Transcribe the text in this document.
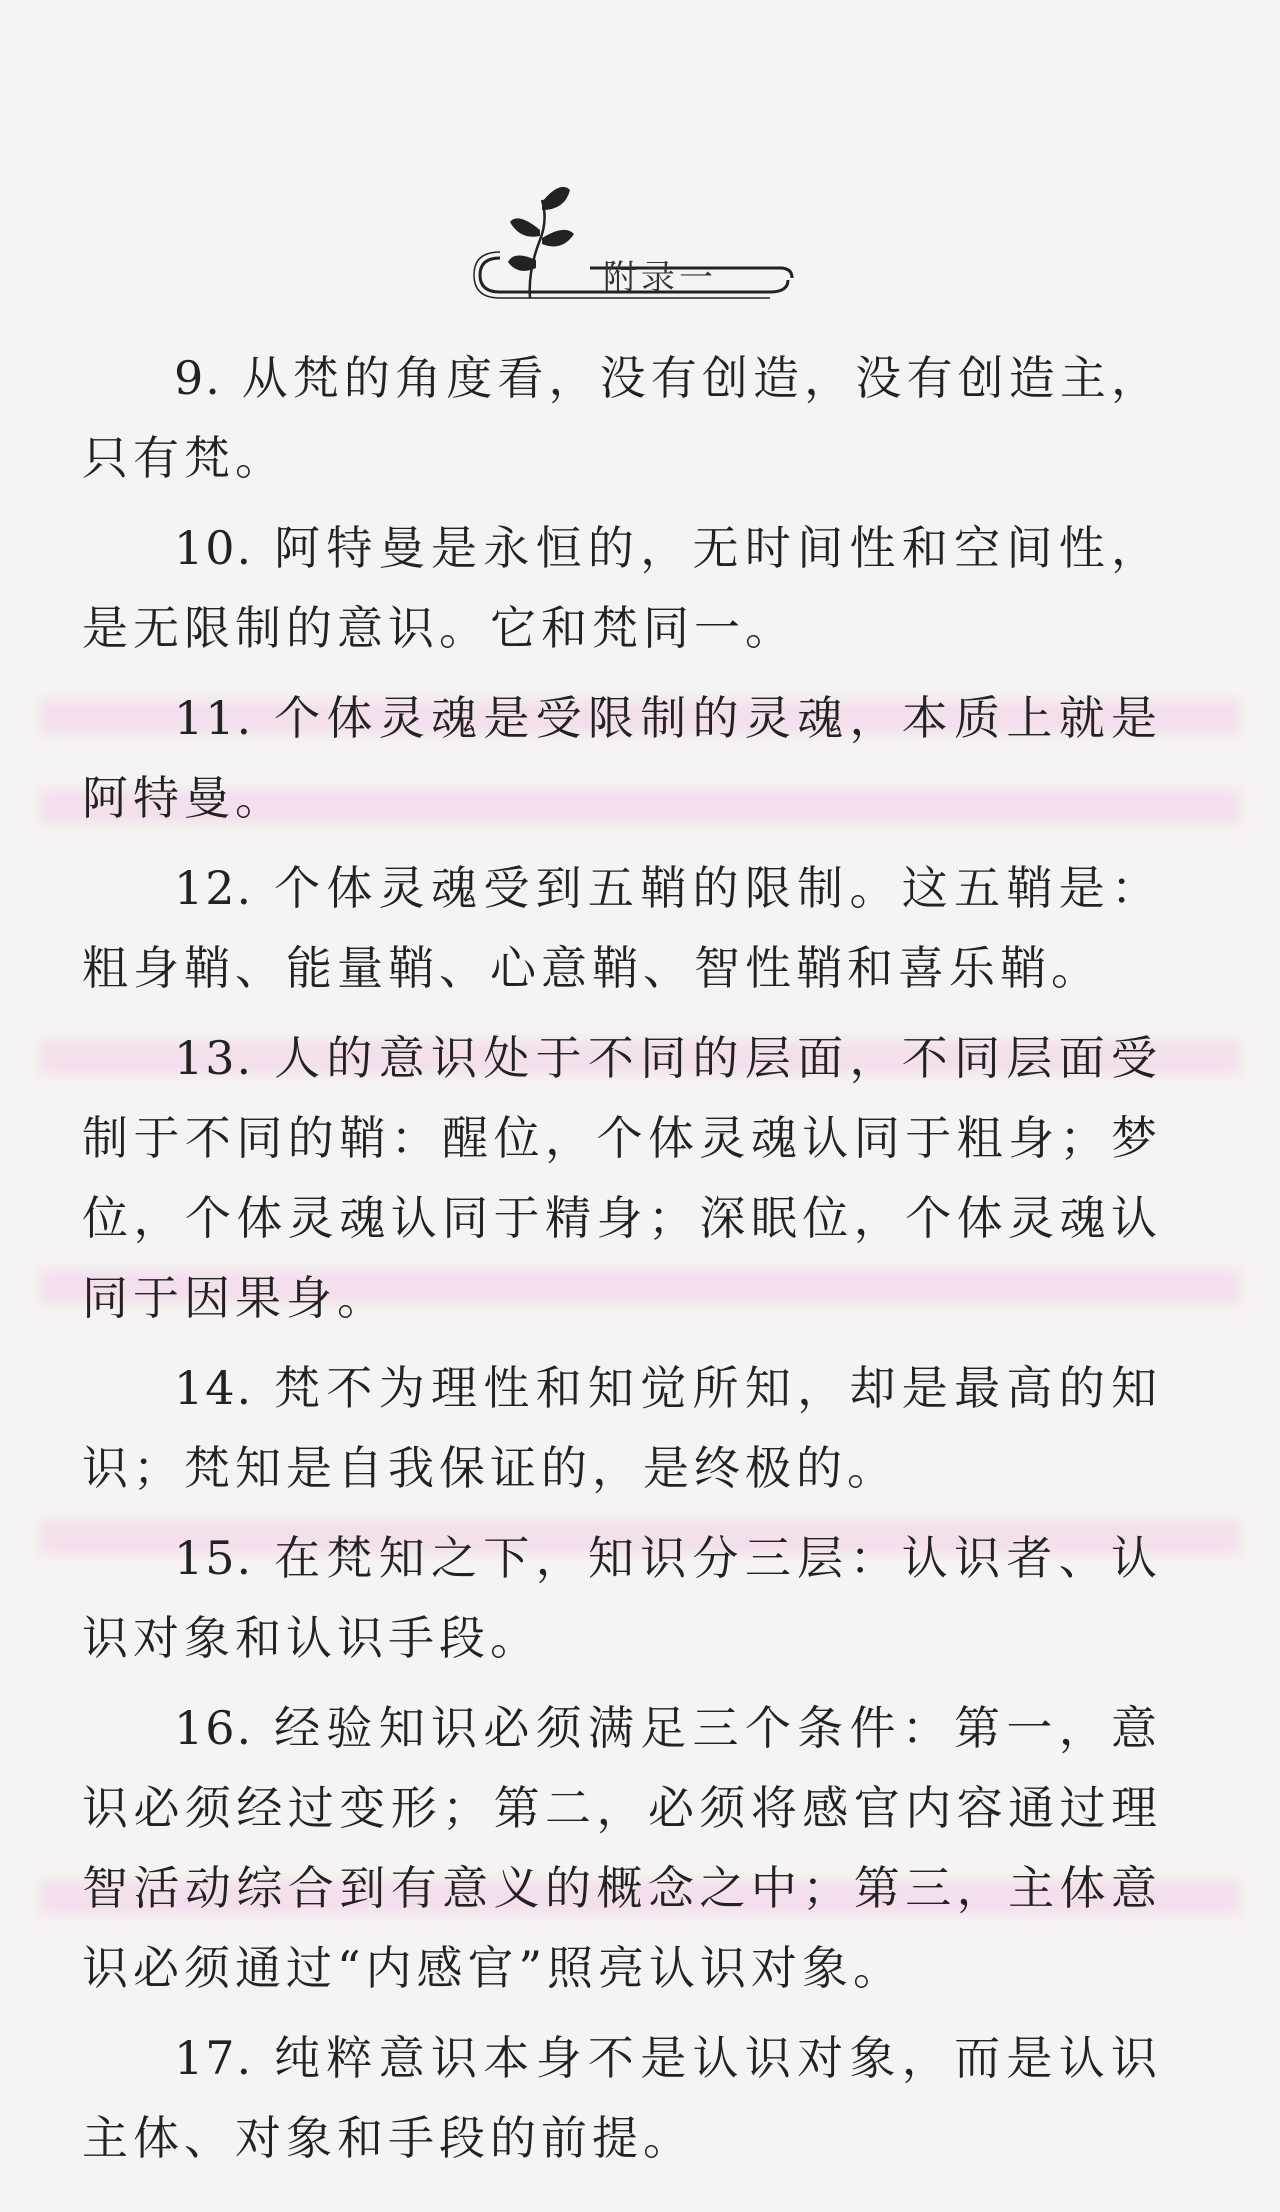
附录一

9. 从梵的角度看，没有创造，没有创造主，只有梵。

10. 阿特曼是永恒的，无时间性和空间性，是无限制的意识。它和梵同一。

11. 个体灵魂是受限制的灵魂，本质上就是阿特曼。

12. 个体灵魂受到五鞘的限制。这五鞘是：粗身鞘、能量鞘、心意鞘、智性鞘和喜乐鞘。

13. 人的意识处于不同的层面，不同层面受制于不同的鞘：醒位，个体灵魂认同于粗身；梦位，个体灵魂认同于精身；深眠位，个体灵魂认同于因果身。

14. 梵不为理性和知觉所知，却是最高的知识；梵知是自我保证的，是终极的。

15. 在梵知之下，知识分三层：认识者、认识对象和认识手段。

16. 经验知识必须满足三个条件：第一，意识必须经过变形；第二，必须将感官内容通过理智活动综合到有意义的概念之中；第三，主体意识必须通过“内感官”照亮认识对象。

17. 纯粹意识本身不是认识对象，而是认识主体、对象和手段的前提。
